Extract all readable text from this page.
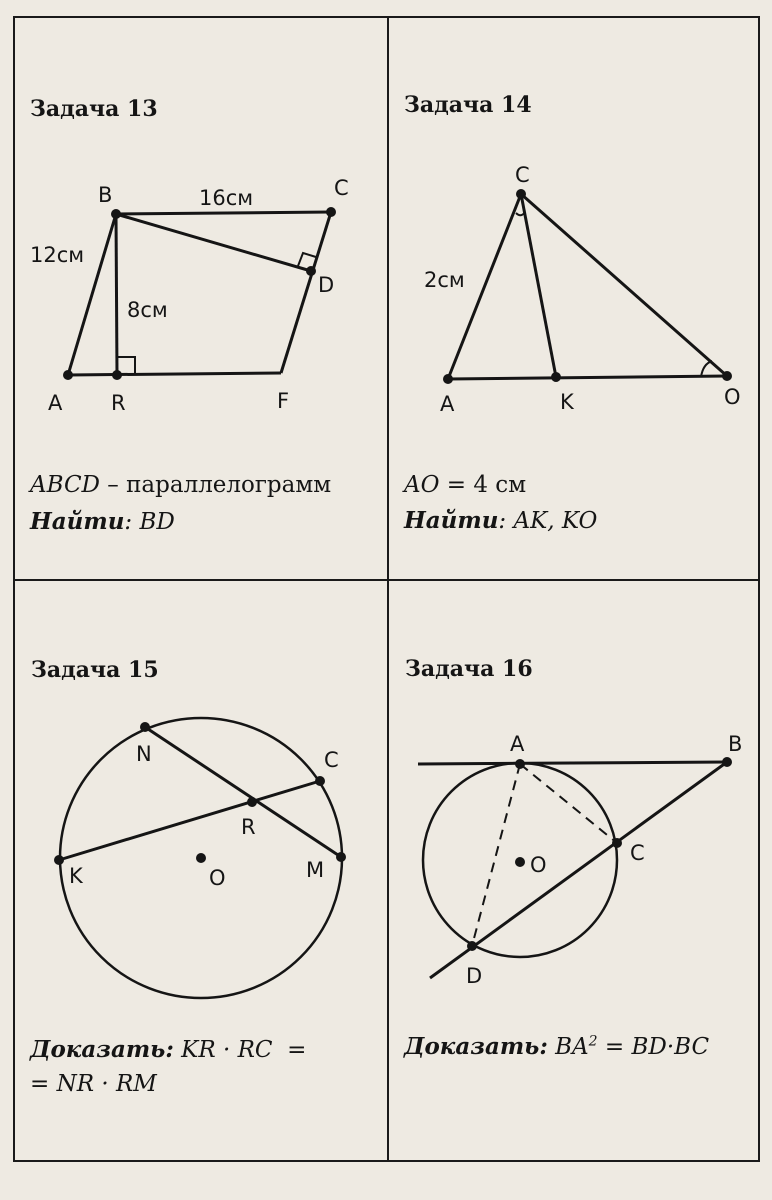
Задача 13
A
B	C
D
R	F
16см
12см
8см
ABCD – параллелограмм
Найти: BD
Задача 14
C
A	K	O
2см
AO = 4 см
Найти: AK, KO
Задача 15
N	C
R
K	O	M
Доказать: KR · RC  =
= NR · RM
Задача 16
A	B
O	C
D
Доказать: $BA^2 = BD\cdot BC$
